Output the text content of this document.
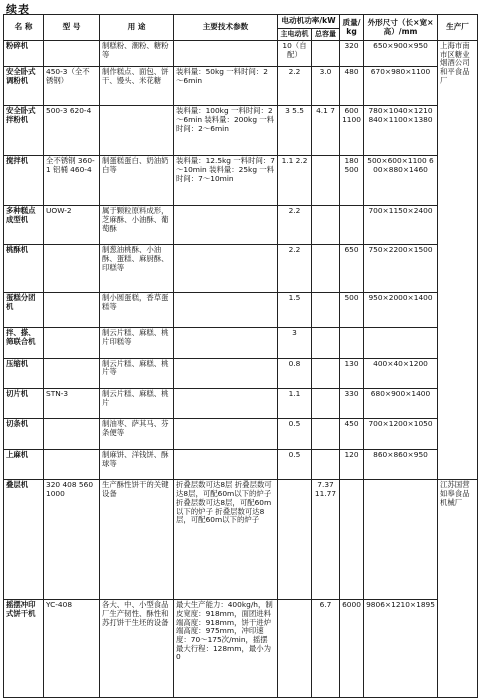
续表
名 称	型 号	用 途	主要技术参数	电动机功率/kW		质量/kg	外形尺寸（长×宽×高）/mm	生产厂
				主电动机	总容量			
粉碎机		制糕粉、潮粉、糖粉等		10（自配）		320	650×900×950	上海市南市区糖业烟酒公司和平食品厂
安全卧式调粉机	450-3（全不锈钢）	制作糕点、面包、饼干、馒头、米花糖	装料量：50kg 一料时间：2～6min	2.2	3.0	480	670×980×1100	
安全卧式拌粉机	500-3 620-4		装料量：100kg 一料时间：2～6min 装料量：200kg 一料时间：2～6min	3 5.5	4.1 7	600 1100	780×1040×1210 840×1100×1380	
搅拌机	全不锈钢 360-1 铝桶 460-4	制蛋糕蛋白、奶油奶白等	装料量：12.5kg 一料时间：7～10min 装料量：25kg 一料时间：7～10min	1.1 2.2		180 500	500×600×1100 600×880×1460	
多种糕点成型机	UOW-2	属于颗粒原料成形，芝麻酥、小油酥、葡萄酥		2.2			700×1150×2400	
桃酥机		制葱油桃酥、小油酥、蛋糕、麻厨酥、印糕等		2.2		650	750×2200×1500	
蛋糕分团机		制小圆蛋糕，香草蛋糕等		1.5		500	950×2000×1400	
拌、搽、筛联合机		制云片糕、麻糕、桃片印糕等		3				
压缩机		制云片糕、麻糕、桃片等		0.8		130	400×40×1200	
切片机	STN-3	制云片糕、麻糕、桃片		1.1		330	680×900×1400	
切条机		制油枣、萨其马、芬条便等		0.5		450	700×1200×1050	
上麻机		制麻饼、洋钱饼、酥球等		0.5		120	860×860×950	
叠层机	320 408 560 1000	生产酥性饼干的关键设备	折叠层数可达8层 折叠层数可达8层，可配60m以下的炉子 折叠层数可达8层，可配60m以下的炉子 折叠层数可达8层，可配60m以下的炉子		7.37 11.77			江苏国营如皋食品机械厂
摇摆冲印式饼干机	YC-408	各大、中、小型食品厂生产韧性、酥性和苏打饼干生坯的设备	最大生产能力：400kg/h，制皮宽度：918mm，面团进料端高度：918mm，饼干进炉端高度：975mm，冲印速度：70～175次/min，摇摆最大行程：128mm，最小为0		6.7	6000	9806×1210×1895	
